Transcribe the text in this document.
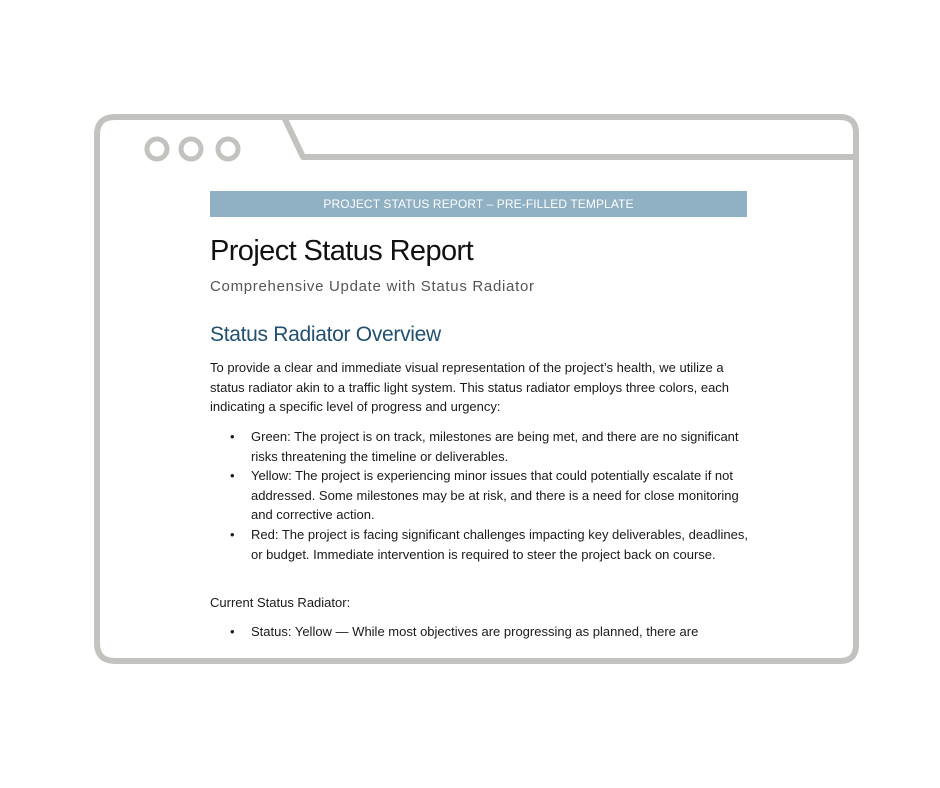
PROJECT STATUS REPORT – PRE-FILLED TEMPLATE
Project Status Report

Comprehensive Update with Status Radiator

Status Radiator Overview

To provide a clear and immediate visual representation of the project’s health, we utilize a status radiator akin to a traffic light system. This status radiator employs three colors, each indicating a specific level of progress and urgency:

• Green: The project is on track, milestones are being met, and there are no significant risks threatening the timeline or deliverables.
• Yellow: The project is experiencing minor issues that could potentially escalate if not addressed. Some milestones may be at risk, and there is a need for close monitoring and corrective action.
• Red: The project is facing significant challenges impacting key deliverables, deadlines, or budget. Immediate intervention is required to steer the project back on course.

Current Status Radiator:

• Status: Yellow — While most objectives are progressing as planned, there are
